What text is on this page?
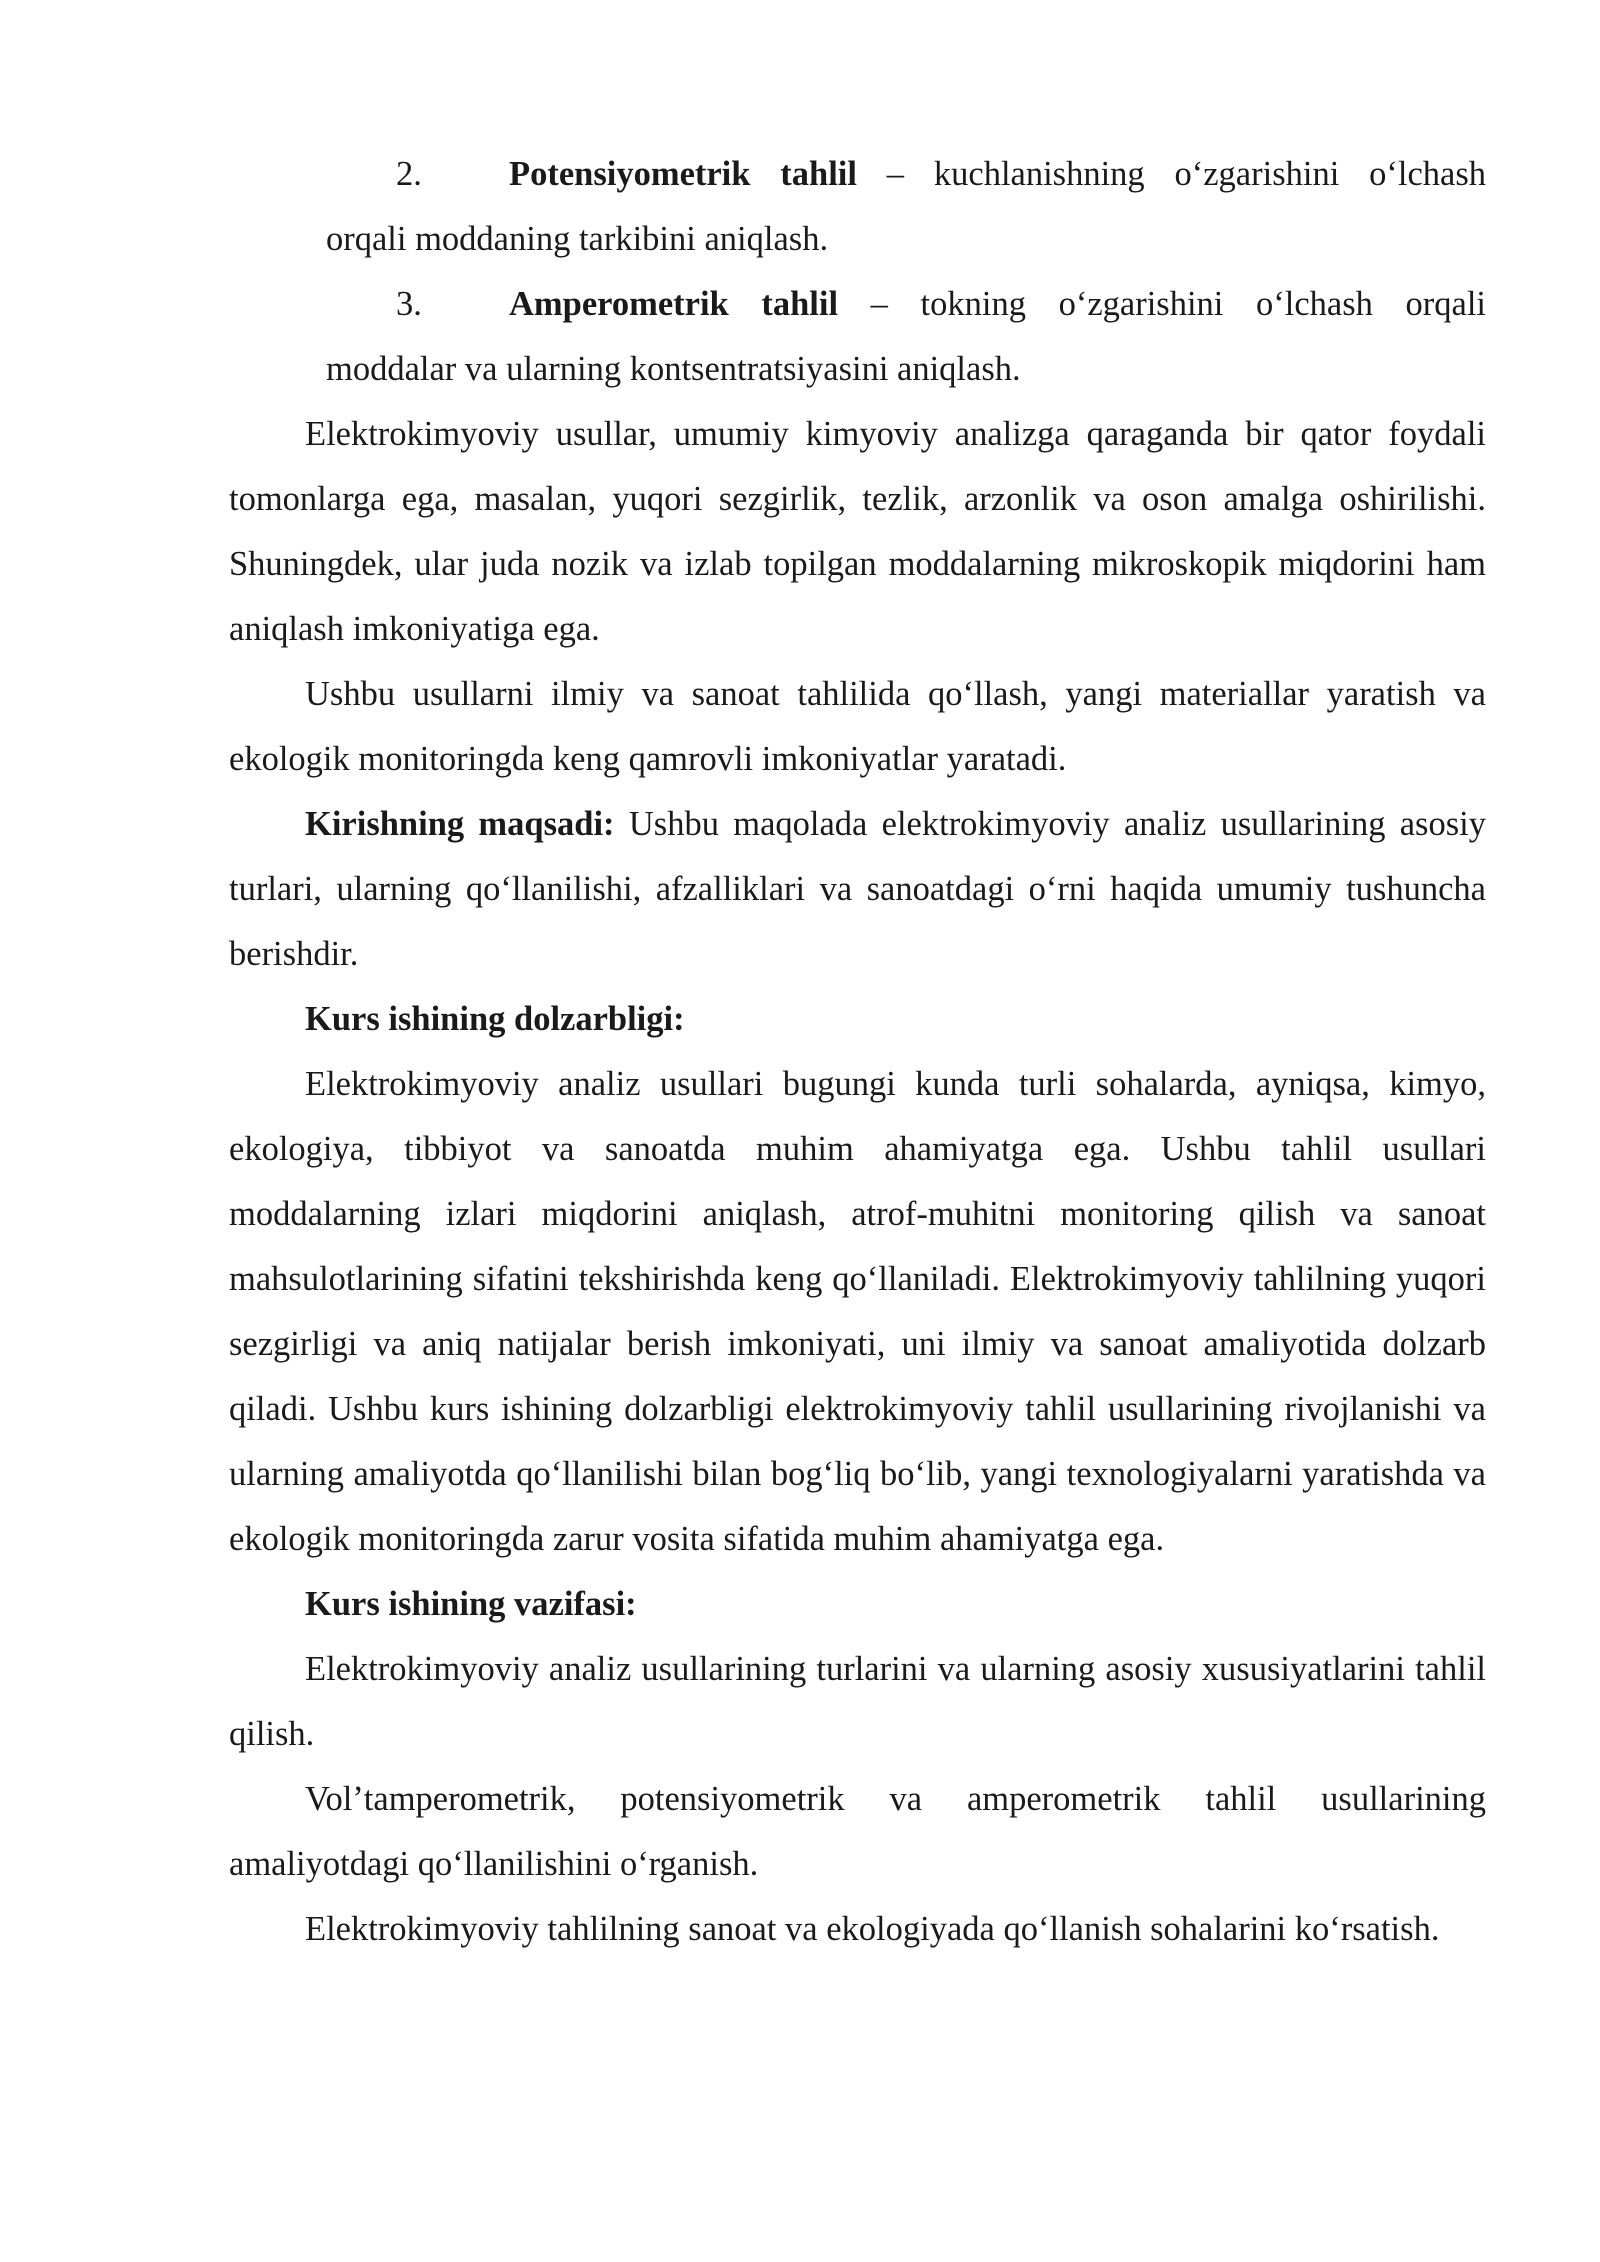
2.	Potensiyometrik tahlil – kuchlanishning oʻzgarishini oʻlchash
orqali moddaning tarkibini aniqlash.
3.	Amperometrik tahlil – tokning oʻzgarishini oʻlchash orqali
moddalar va ularning kontsentratsiyasini aniqlash.

Elektrokimyoviy usullar, umumiy kimyoviy analizga qaraganda bir qator foydali tomonlarga ega, masalan, yuqori sezgirlik, tezlik, arzonlik va oson amalga oshirilishi. Shuningdek, ular juda nozik va izlab topilgan moddalarning mikroskopik miqdorini ham aniqlash imkoniyatiga ega.

Ushbu usullarni ilmiy va sanoat tahlilida qoʻllash, yangi materiallar yaratish va ekologik monitoringda keng qamrovli imkoniyatlar yaratadi.

Kirishning maqsadi: Ushbu maqolada elektrokimyoviy analiz usullarining asosiy turlari, ularning qoʻllanilishi, afzalliklari va sanoatdagi oʻrni haqida umumiy tushuncha berishdir.

Kurs ishining dolzarbligi:

Elektrokimyoviy analiz usullari bugungi kunda turli sohalarda, ayniqsa, kimyo, ekologiya, tibbiyot va sanoatda muhim ahamiyatga ega. Ushbu tahlil usullari moddalarning izlari miqdorini aniqlash, atrof-muhitni monitoring qilish va sanoat mahsulotlarining sifatini tekshirishda keng qoʻllaniladi. Elektrokimyoviy tahlilning yuqori sezgirligi va aniq natijalar berish imkoniyati, uni ilmiy va sanoat amaliyotida dolzarb qiladi. Ushbu kurs ishining dolzarbligi elektrokimyoviy tahlil usullarining rivojlanishi va ularning amaliyotda qoʻllanilishi bilan bogʻliq boʻlib, yangi texnologiyalarni yaratishda va ekologik monitoringda zarur vosita sifatida muhim ahamiyatga ega.

Kurs ishining vazifasi:

Elektrokimyoviy analiz usullarining turlarini va ularning asosiy xususiyatlarini tahlil qilish.

Volʼtamperometrik, potensiyometrik va amperometrik tahlil usullarining amaliyotdagi qoʻllanilishini oʻrganish.

Elektrokimyoviy tahlilning sanoat va ekologiyada qoʻllanish sohalarini koʻrsatish.
